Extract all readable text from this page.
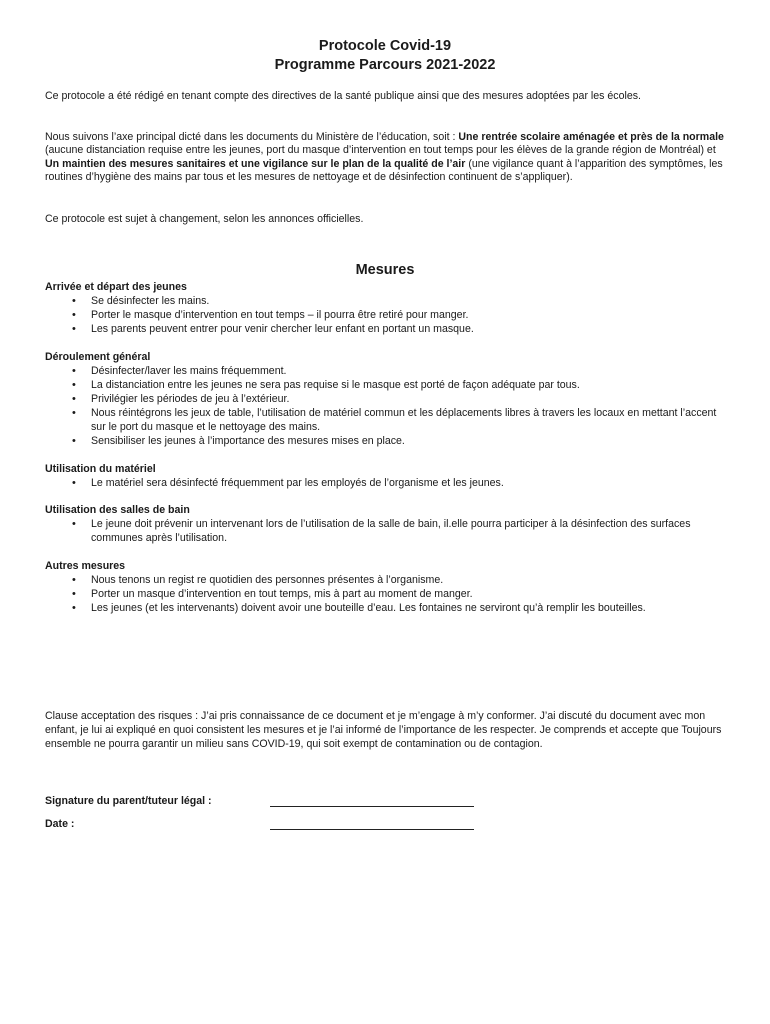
Protocole Covid-19
Programme Parcours 2021-2022
Ce protocole a été rédigé en tenant compte des directives de la santé publique ainsi que des mesures adoptées par les écoles.
Nous suivons l’axe principal dicté dans les documents du Ministère de l’éducation, soit : Une rentrée scolaire aménagée et près de la normale (aucune distanciation requise entre les jeunes, port du masque d’intervention en tout temps pour les élèves de la grande région de Montréal) et Un maintien des mesures sanitaires et une vigilance sur le plan de la qualité de l’air (une vigilance quant à l’apparition des symptômes, les routines d’hygiène des mains par tous et les mesures de nettoyage et de désinfection continuent de s’appliquer).
Ce protocole est sujet à changement, selon les annonces officielles.
Mesures
Arrivée et départ des jeunes
• Se désinfecter les mains.
• Porter le masque d’intervention en tout temps – il pourra être retiré pour manger.
• Les parents peuvent entrer pour venir chercher leur enfant en portant un masque.
Déroulement général
• Désinfecter/laver les mains fréquemment.
• La distanciation entre les jeunes ne sera pas requise si le masque est porté de façon adéquate par tous.
• Privilégier les périodes de jeu à l’extérieur.
• Nous réintégrons les jeux de table, l’utilisation de matériel commun et les déplacements libres à travers les locaux en mettant l’accent sur le port du masque et le nettoyage des mains.
• Sensibiliser les jeunes à l’importance des mesures mises en place.
Utilisation du matériel
• Le matériel sera désinfecté fréquemment par les employés de l’organisme et les jeunes.
Utilisation des salles de bain
• Le jeune doit prévenir un intervenant lors de l’utilisation de la salle de bain, il.elle pourra participer à la désinfection des surfaces communes après l’utilisation.
Autres mesures
• Nous tenons un regist re quotidien des personnes présentes à l’organisme.
• Porter un masque d’intervention en tout temps, mis à part au moment de manger.
• Les jeunes (et les intervenants) doivent avoir une bouteille d’eau. Les fontaines ne serviront qu’à remplir les bouteilles.
Clause acceptation des risques : J’ai pris connaissance de ce document et je m’engage à m’y conformer. J’ai discuté du document avec mon enfant, je lui ai expliqué en quoi consistent les mesures et je l’ai informé de l’importance de les respecter. Je comprends et accepte que Toujours ensemble ne pourra garantir un milieu sans COVID-19, qui soit exempt de contamination ou de contagion.
Signature du parent/tuteur légal :
Date :
